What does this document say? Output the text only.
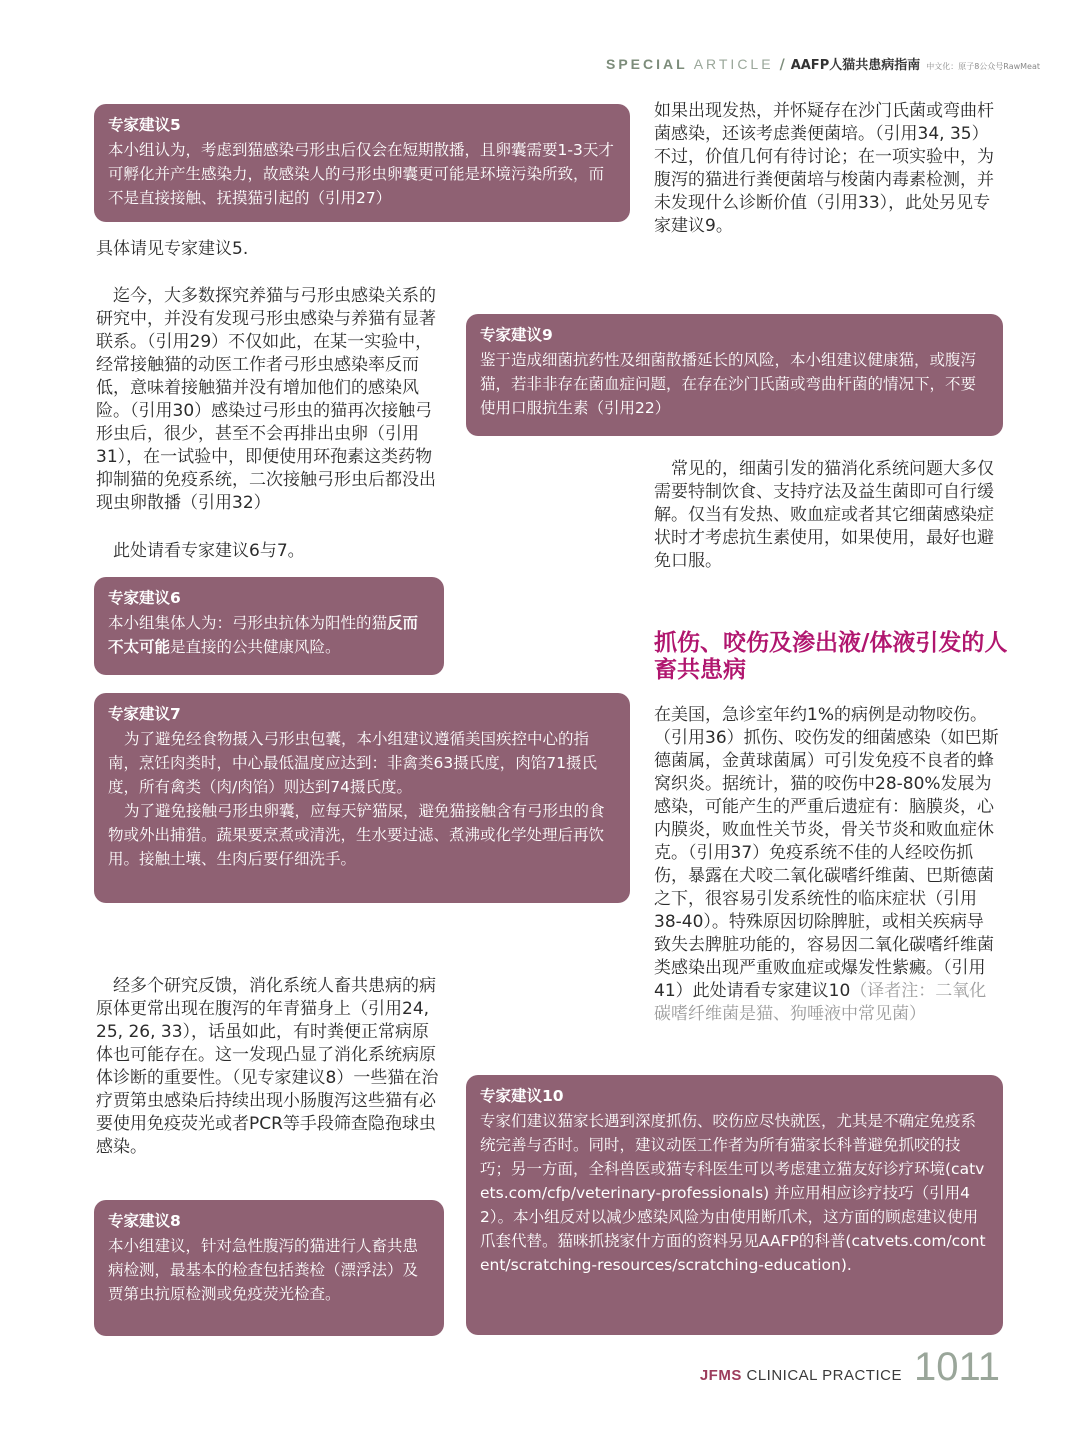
SPECIAL ARTICLE / AAFP人猫共患病指南 中文化：原子8公众号RawMeat
专家建议5

本小组认为，考虑到猫感染弓形虫后仅会在短期散播，且卵囊需要1-3天才可孵化并产生感染力，故感染人的弓形虫卵囊更可能是环境污染所致，而不是直接接触、抚摸猫引起的（引用27）

具体请见专家建议5.
迄今，大多数探究养猫与弓形虫感染关系的研究中，并没有发现弓形虫感染与养猫有显著联系。（引用29）不仅如此，在某一实验中，经常接触猫的动医工作者弓形虫感染率反而低，意味着接触猫并没有增加他们的感染风险。（引用30）感染过弓形虫的猫再次接触弓形虫后，很少，甚至不会再排出虫卵（引用31），在一试验中，即便使用环孢素这类药物抑制猫的免疫系统，二次接触弓形虫后都没出现虫卵散播（引用32）
此处请看专家建议6与7。
专家建议6

本小组集体人为：弓形虫抗体为阳性的猫反而不太可能是直接的公共健康风险。

专家建议7

为了避免经食物摄入弓形虫包囊，本小组建议遵循美国疾控中心的指南，烹饪肉类时，中心最低温度应达到：非禽类63摄氏度，肉馅71摄氏度，所有禽类（肉/肉馅）则达到74摄氏度。

为了避免接触弓形虫卵囊，应每天铲猫屎，避免猫接触含有弓形虫的食物或外出捕猎。蔬果要烹煮或清洗，生水要过滤、煮沸或化学处理后再饮用。接触土壤、生肉后要仔细洗手。

经多个研究反馈，消化系统人畜共患病的病原体更常出现在腹泻的年青猫身上（引用24, 25, 26, 33），话虽如此，有时粪便正常病原体也可能存在。这一发现凸显了消化系统病原体诊断的重要性。（见专家建议8）一些猫在治疗贾第虫感染后持续出现小肠腹泻这些猫有必要使用免疫荧光或者PCR等手段筛查隐孢球虫感染。
专家建议8

本小组建议，针对急性腹泻的猫进行人畜共患病检测，最基本的检查包括粪检（漂浮法）及贾第虫抗原检测或免疫荧光检查。

如果出现发热，并怀疑存在沙门氏菌或弯曲杆菌感染，还该考虑粪便菌培。（引用34, 35）不过，价值几何有待讨论；在一项实验中，为腹泻的猫进行粪便菌培与梭菌内毒素检测，并未发现什么诊断价值（引用33），此处另见专家建议9。
专家建议9

鉴于造成细菌抗药性及细菌散播延长的风险，本小组建议健康猫，或腹泻猫，若非非存在菌血症问题，在存在沙门氏菌或弯曲杆菌的情况下，不要使用口服抗生素（引用22）

常见的，细菌引发的猫消化系统问题大多仅需要特制饮食、支持疗法及益生菌即可自行缓解。仅当有发热、败血症或者其它细菌感染症状时才考虑抗生素使用，如果使用，最好也避免口服。
抓伤、咬伤及渗出液/体液引发的人畜共患病
在美国，急诊室年约1%的病例是动物咬伤。（引用36）抓伤、咬伤发的细菌感染（如巴斯德菌属，金黄球菌属）可引发免疫不良者的蜂窝织炎。据统计，猫的咬伤中28-80%发展为感染，可能产生的严重后遗症有：脑膜炎，心内膜炎，败血性关节炎，骨关节炎和败血症休克。（引用37）免疫系统不佳的人经咬伤抓伤，暴露在犬咬二氧化碳嗜纤维菌、巴斯德菌之下，很容易引发系统性的临床症状（引用38-40）。特殊原因切除脾脏，或相关疾病导致失去脾脏功能的，容易因二氧化碳嗜纤维菌类感染出现严重败血症或爆发性紫癜。（引用41）此处请看专家建议10（译者注：二氧化碳嗜纤维菌是猫、狗唾液中常见菌）
专家建议10

专家们建议猫家长遇到深度抓伤、咬伤应尽快就医，尤其是不确定免疫系统完善与否时。同时，建议动医工作者为所有猫家长科普避免抓咬的技巧；另一方面，全科兽医或猫专科医生可以考虑建立猫友好诊疗环境(catvets.com/cfp/veterinary-professionals) 并应用相应诊疗技巧（引用42）。本小组反对以减少感染风险为由使用断爪术，这方面的顾虑建议使用爪套代替。猫咪抓挠家什方面的资料另见AAFP的科普(catvets.com/content/scratching-resources/scratching-education).

JFMS CLINICAL PRACTICE 1011
